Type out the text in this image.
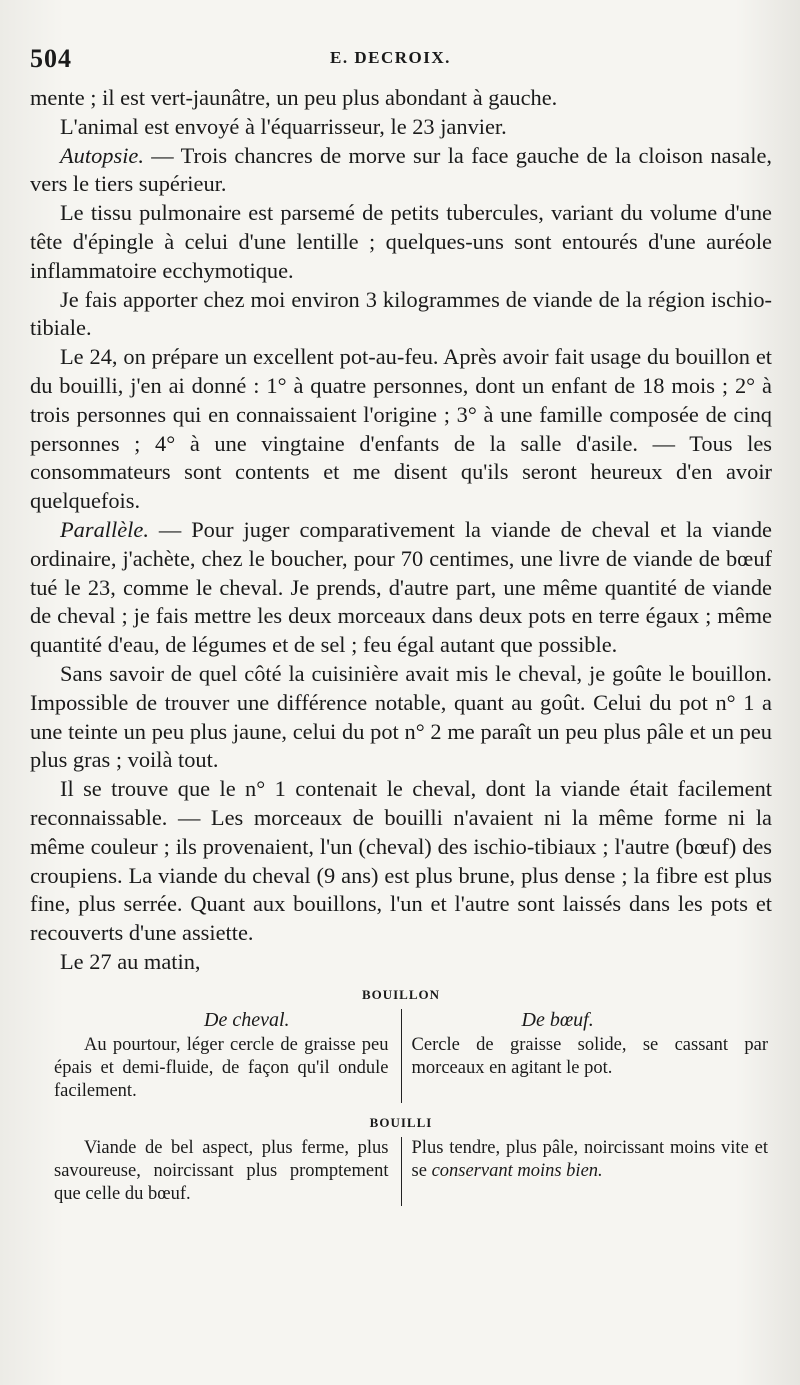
504	E. DECROIX.

mente ; il est vert-jaunâtre, un peu plus abondant à gauche.

L'animal est envoyé à l'équarrisseur, le 23 janvier.

Autopsie. — Trois chancres de morve sur la face gauche de la cloison nasale, vers le tiers supérieur.

Le tissu pulmonaire est parsemé de petits tubercules, variant du volume d'une tête d'épingle à celui d'une lentille ; quelques-uns sont entourés d'une auréole inflammatoire ecchymotique.

Je fais apporter chez moi environ 3 kilogrammes de viande de la région ischio-tibiale.

Le 24, on prépare un excellent pot-au-feu. Après avoir fait usage du bouillon et du bouilli, j'en ai donné : 1° à quatre personnes, dont un enfant de 18 mois ; 2° à trois personnes qui en connaissaient l'origine ; 3° à une famille composée de cinq personnes ; 4° à une vingtaine d'enfants de la salle d'asile. — Tous les consommateurs sont contents et me disent qu'ils seront heureux d'en avoir quelquefois.

Parallèle. — Pour juger comparativement la viande de cheval et la viande ordinaire, j'achète, chez le boucher, pour 70 centimes, une livre de viande de bœuf tué le 23, comme le cheval. Je prends, d'autre part, une même quantité de viande de cheval ; je fais mettre les deux morceaux dans deux pots en terre égaux ; même quantité d'eau, de légumes et de sel ; feu égal autant que possible.

Sans savoir de quel côté la cuisinière avait mis le cheval, je goûte le bouillon. Impossible de trouver une différence notable, quant au goût. Celui du pot n° 1 a une teinte un peu plus jaune, celui du pot n° 2 me paraît un peu plus pâle et un peu plus gras ; voilà tout.

Il se trouve que le n° 1 contenait le cheval, dont la viande était facilement reconnaissable. — Les morceaux de bouilli n'avaient ni la même forme ni la même couleur ; ils provenaient, l'un (cheval) des ischio-tibiaux ; l'autre (bœuf) des croupiens. La viande du cheval (9 ans) est plus brune, plus dense ; la fibre est plus fine, plus serrée. Quant aux bouillons, l'un et l'autre sont laissés dans les pots et recouverts d'une assiette.

Le 27 au matin,

BOUILLON
De cheval.

Au pourtour, léger cercle de graisse peu épais et demi-fluide, de façon qu'il ondule facilement.

De bœuf.

Cercle de graisse solide, se cassant par morceaux en agitant le pot.

BOUILLI

Viande de bel aspect, plus ferme, plus savoureuse, noircissant plus promptement que celle du bœuf.

Plus tendre, plus pâle, noircissant moins vite et se conservant moins bien.
